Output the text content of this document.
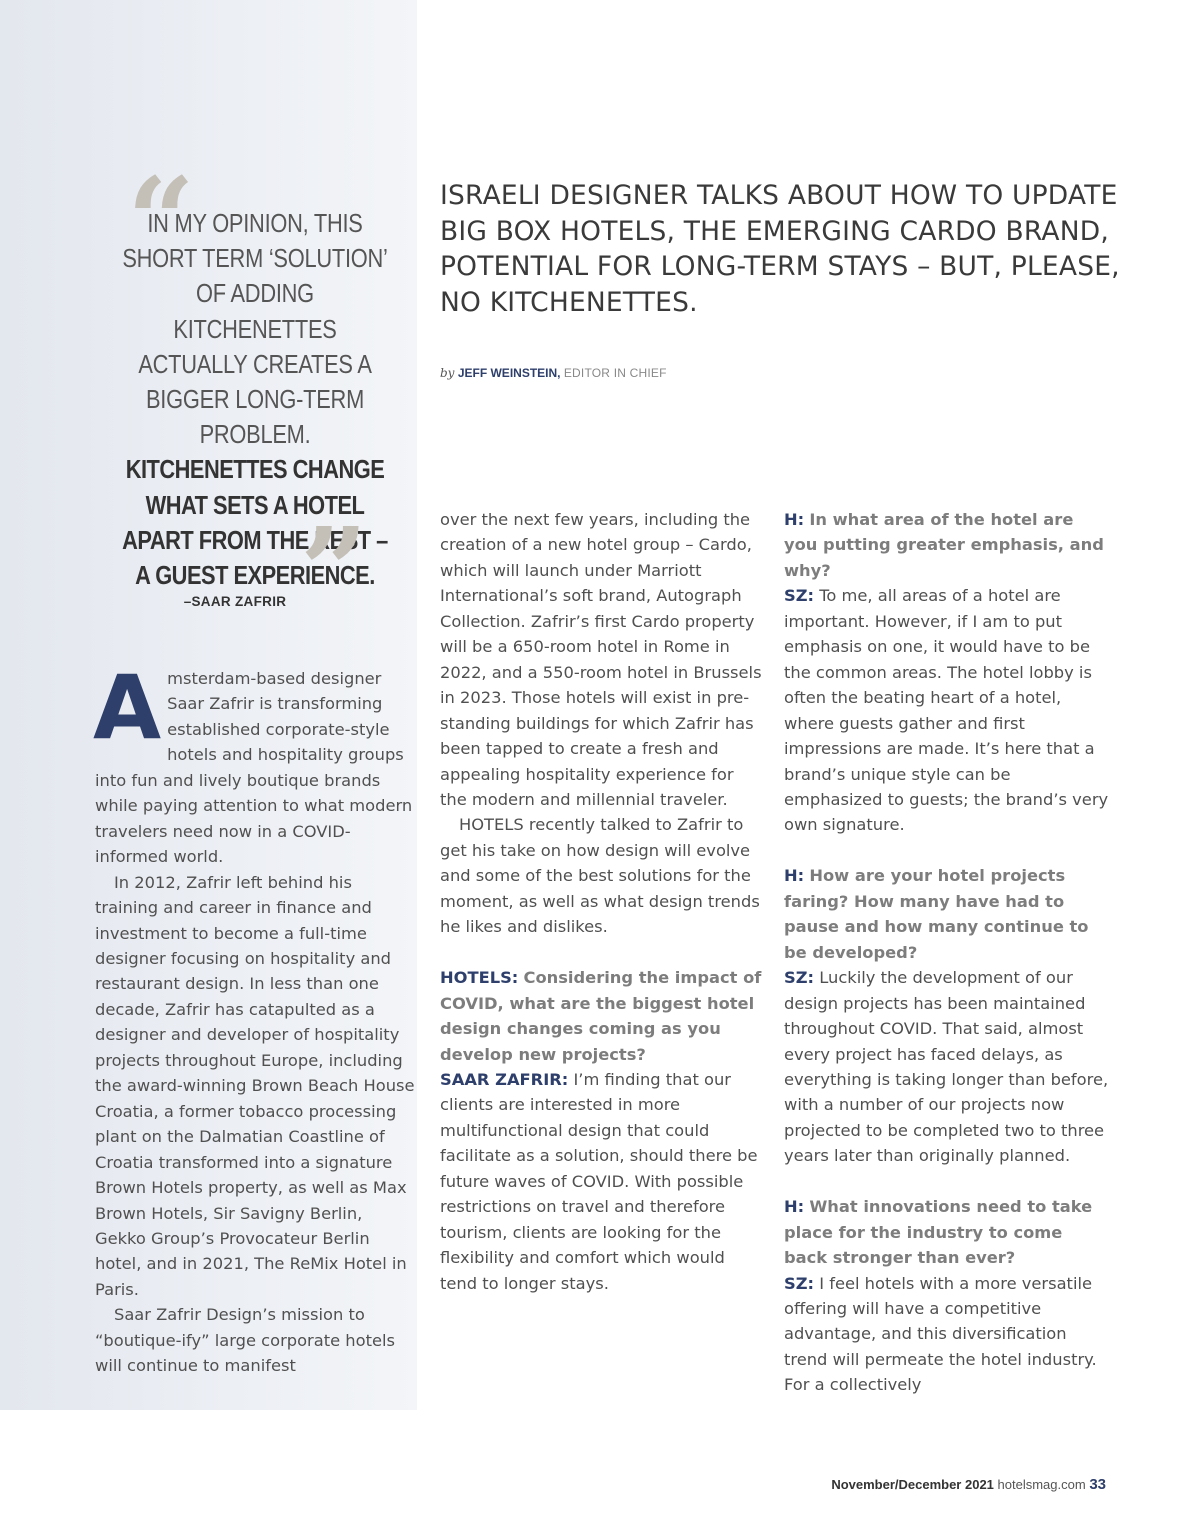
“
IN MY OPINION, THIS SHORT TERM ‘SOLUTION’ OF ADDING KITCHENETTES ACTUALLY CREATES A BIGGER LONG-TERM PROBLEM. KITCHENETTES CHANGE WHAT SETS A HOTEL APART FROM THE REST – A GUEST EXPERIENCE.
”
–SAAR ZAFRIR
ISRAELI DESIGNER TALKS ABOUT HOW TO UPDATE BIG BOX HOTELS, THE EMERGING CARDO BRAND, POTENTIAL FOR LONG-TERM STAYS – BUT, PLEASE, NO KITCHENETTES.
by JEFF WEINSTEIN, EDITOR IN CHIEF

Amsterdam-based designer Saar Zafrir is transforming established corporate-style hotels and hospitality groups into fun and lively boutique brands while paying attention to what modern travelers need now in a COVID-informed world.

In 2012, Zafrir left behind his training and career in finance and investment to become a full-time designer focusing on hospitality and restaurant design. In less than one decade, Zafrir has catapulted as a designer and developer of hospitality projects throughout Europe, including the award-winning Brown Beach House Croatia, a former tobacco processing plant on the Dalmatian Coastline of Croatia transformed into a signature Brown Hotels property, as well as Max Brown Hotels, Sir Savigny Berlin, Gekko Group’s Provocateur Berlin hotel, and in 2021, The ReMix Hotel in Paris.

Saar Zafrir Design’s mission to “boutique-ify” large corporate hotels will continue to manifest

over the next few years, including the creation of a new hotel group – Cardo, which will launch under Marriott International’s soft brand, Autograph Collection. Zafrir’s first Cardo property will be a 650-room hotel in Rome in 2022, and a 550-room hotel in Brussels in 2023. Those hotels will exist in pre-standing buildings for which Zafrir has been tapped to create a fresh and appealing hospitality experience for the modern and millennial traveler.

HOTELS recently talked to Zafrir to get his take on how design will evolve and some of the best solutions for the moment, as well as what design trends he likes and dislikes.

HOTELS: Considering the impact of COVID, what are the biggest hotel design changes coming as you develop new projects?

SAAR ZAFRIR: I’m finding that our clients are interested in more multifunctional design that could facilitate as a solution, should there be future waves of COVID. With possible restrictions on travel and therefore tourism, clients are looking for the flexibility and comfort which would tend to longer stays.

H: In what area of the hotel are you putting greater emphasis, and why?

SZ: To me, all areas of a hotel are important. However, if I am to put emphasis on one, it would have to be the common areas. The hotel lobby is often the beating heart of a hotel, where guests gather and first impressions are made. It’s here that a brand’s unique style can be emphasized to guests; the brand’s very own signature.

H: How are your hotel projects faring? How many have had to pause and how many continue to be developed?

SZ: Luckily the development of our design projects has been maintained throughout COVID. That said, almost every project has faced delays, as everything is taking longer than before, with a number of our projects now projected to be completed two to three years later than originally planned.

H: What innovations need to take place for the industry to come back stronger than ever?

SZ: I feel hotels with a more versatile offering will have a competitive advantage, and this diversification trend will permeate the hotel industry. For a collectively

November/December 2021 hotelsmag.com 33
